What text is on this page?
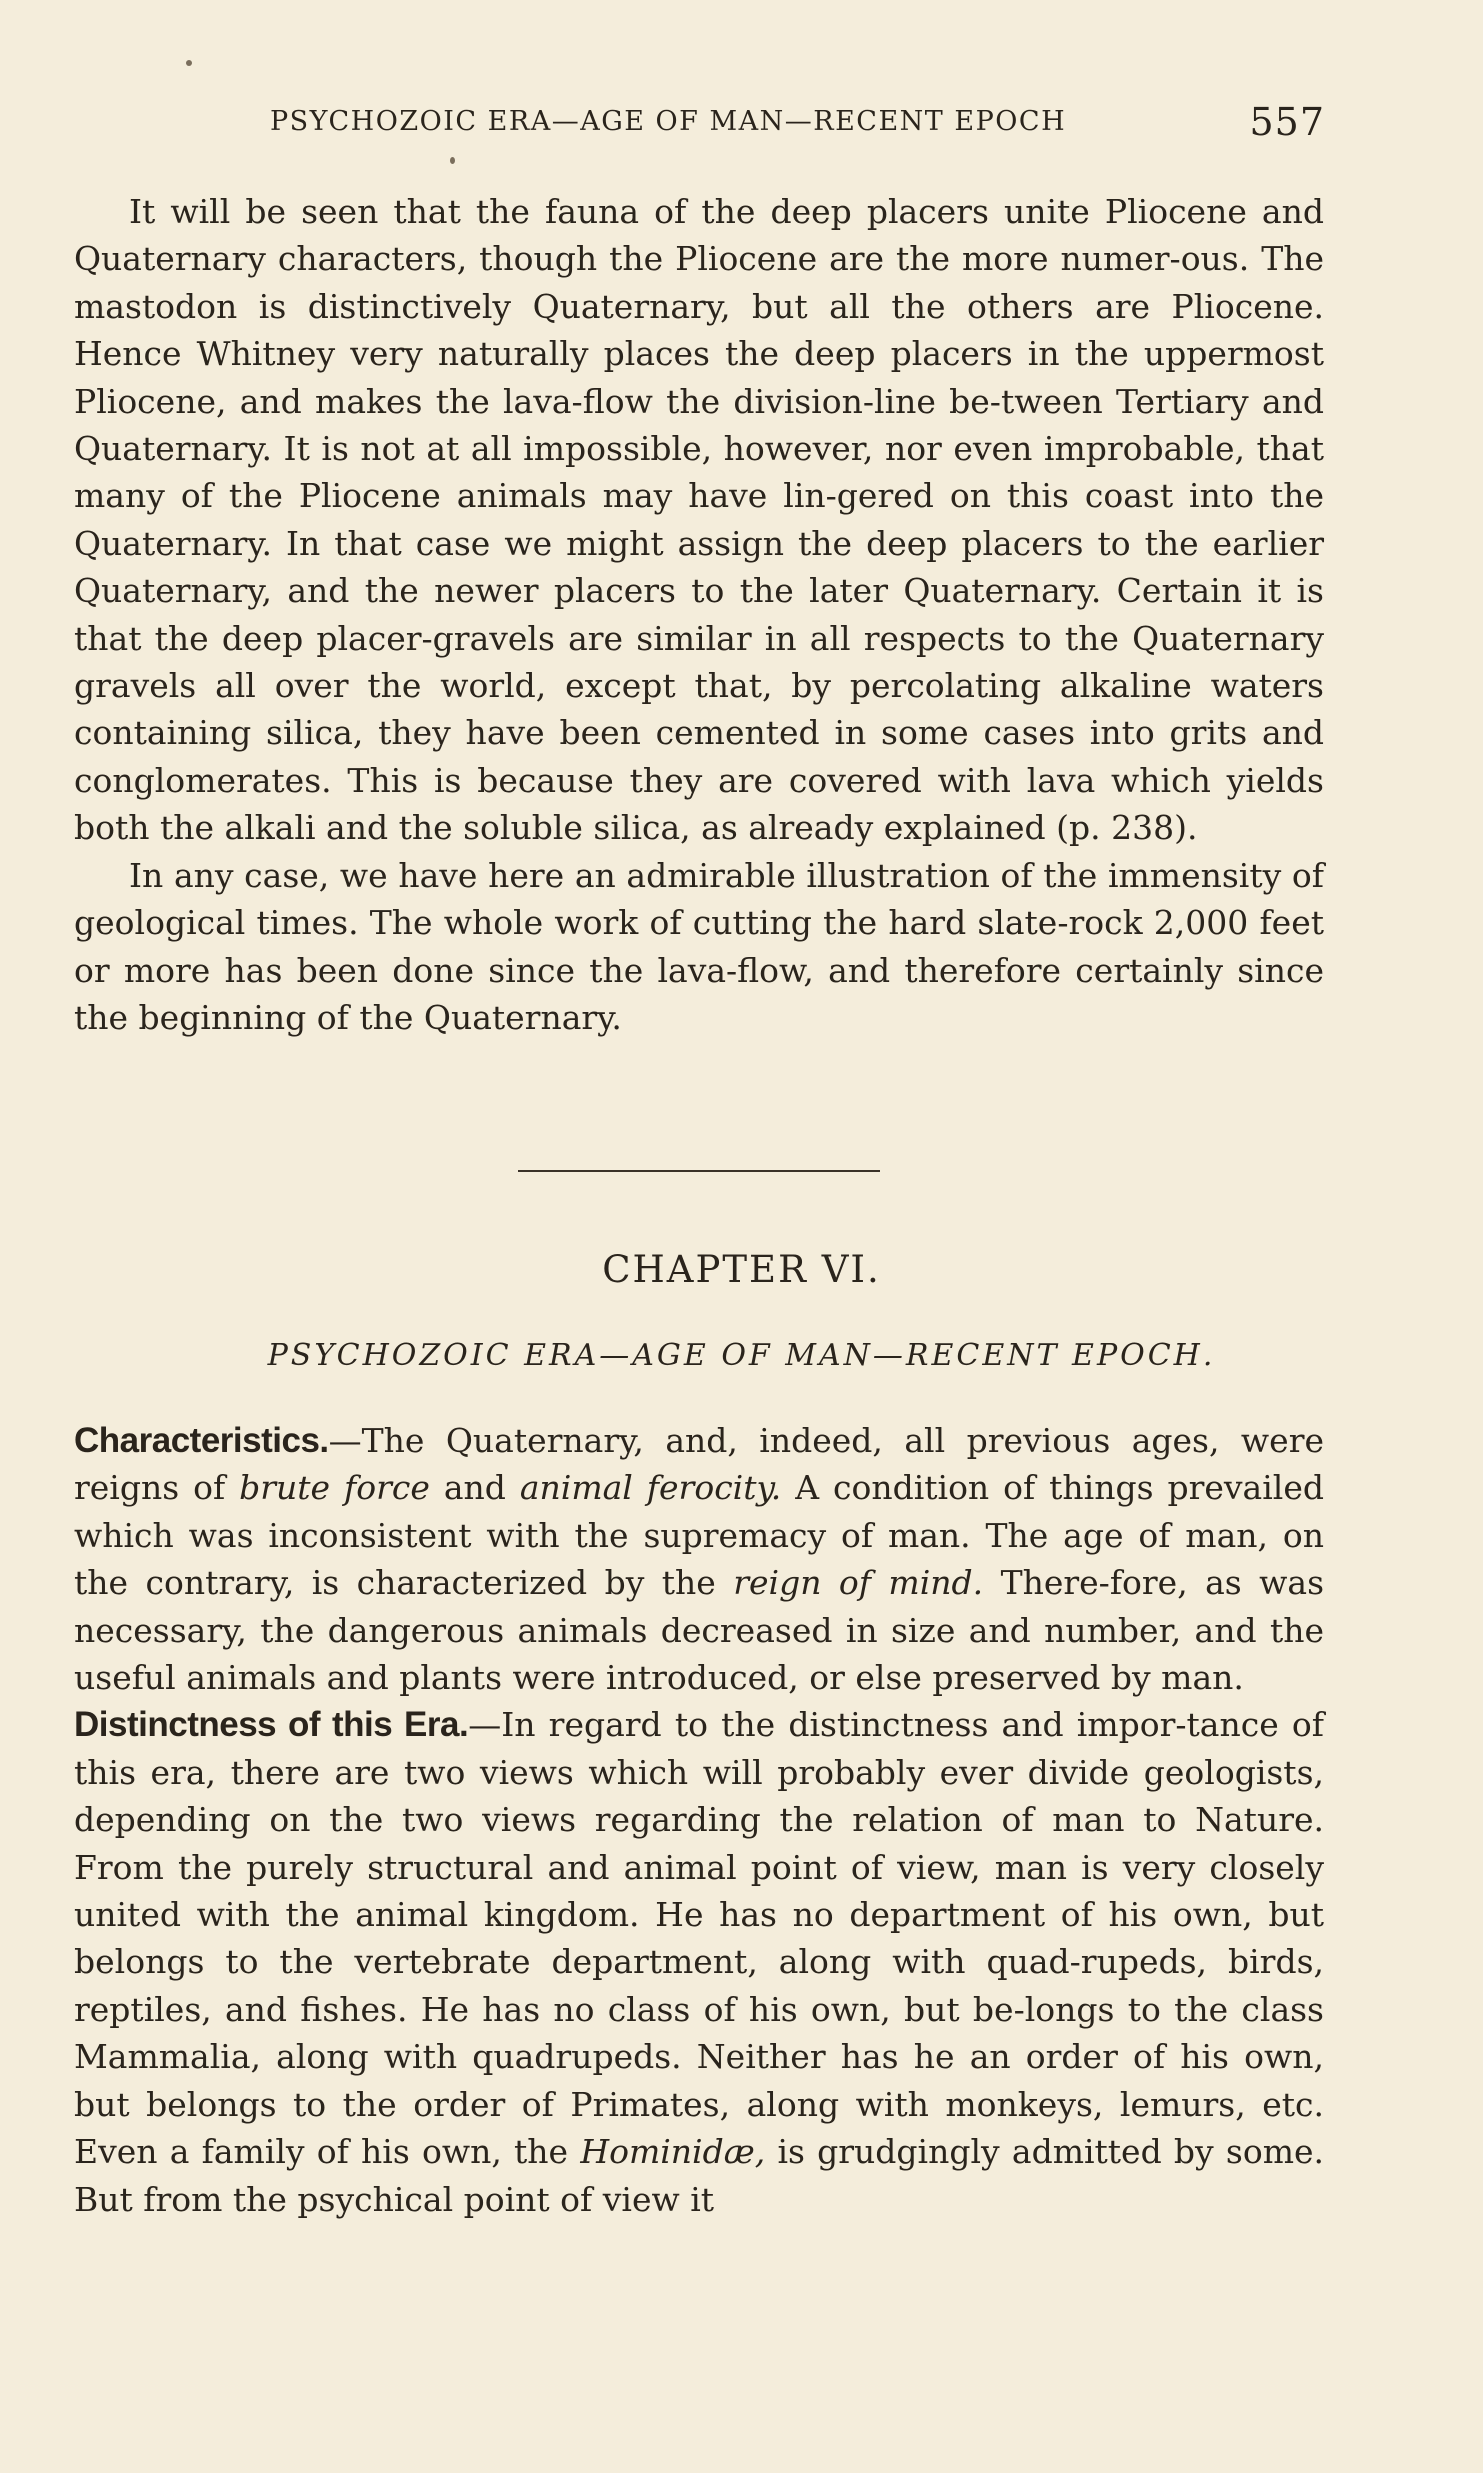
PSYCHOZOIC ERA—AGE OF MAN—RECENT EPOCH	557

It will be seen that the fauna of the deep placers unite Pliocene and Quaternary characters, though the Pliocene are the more numer-ous. The mastodon is distinctively Quaternary, but all the others are Pliocene. Hence Whitney very naturally places the deep placers in the uppermost Pliocene, and makes the lava-flow the division-line be-tween Tertiary and Quaternary. It is not at all impossible, however, nor even improbable, that many of the Pliocene animals may have lin-gered on this coast into the Quaternary. In that case we might assign the deep placers to the earlier Quaternary, and the newer placers to the later Quaternary. Certain it is that the deep placer-gravels are similar in all respects to the Quaternary gravels all over the world, except that, by percolating alkaline waters containing silica, they have been cemented in some cases into grits and conglomerates. This is because they are covered with lava which yields both the alkali and the soluble silica, as already explained (p. 238).

In any case, we have here an admirable illustration of the immensity of geological times. The whole work of cutting the hard slate-rock 2,000 feet or more has been done since the lava-flow, and therefore certainly since the beginning of the Quaternary.

CHAPTER VI.
PSYCHOZOIC ERA—AGE OF MAN—RECENT EPOCH.

Characteristics.—The Quaternary, and, indeed, all previous ages, were reigns of brute force and animal ferocity. A condition of things prevailed which was inconsistent with the supremacy of man. The age of man, on the contrary, is characterized by the reign of mind. There-fore, as was necessary, the dangerous animals decreased in size and number, and the useful animals and plants were introduced, or else preserved by man.

Distinctness of this Era.—In regard to the distinctness and impor-tance of this era, there are two views which will probably ever divide geologists, depending on the two views regarding the relation of man to Nature. From the purely structural and animal point of view, man is very closely united with the animal kingdom. He has no department of his own, but belongs to the vertebrate department, along with quad-rupeds, birds, reptiles, and fishes. He has no class of his own, but be-longs to the class Mammalia, along with quadrupeds. Neither has he an order of his own, but belongs to the order of Primates, along with monkeys, lemurs, etc. Even a family of his own, the Hominidæ, is grudgingly admitted by some. But from the psychical point of view it
